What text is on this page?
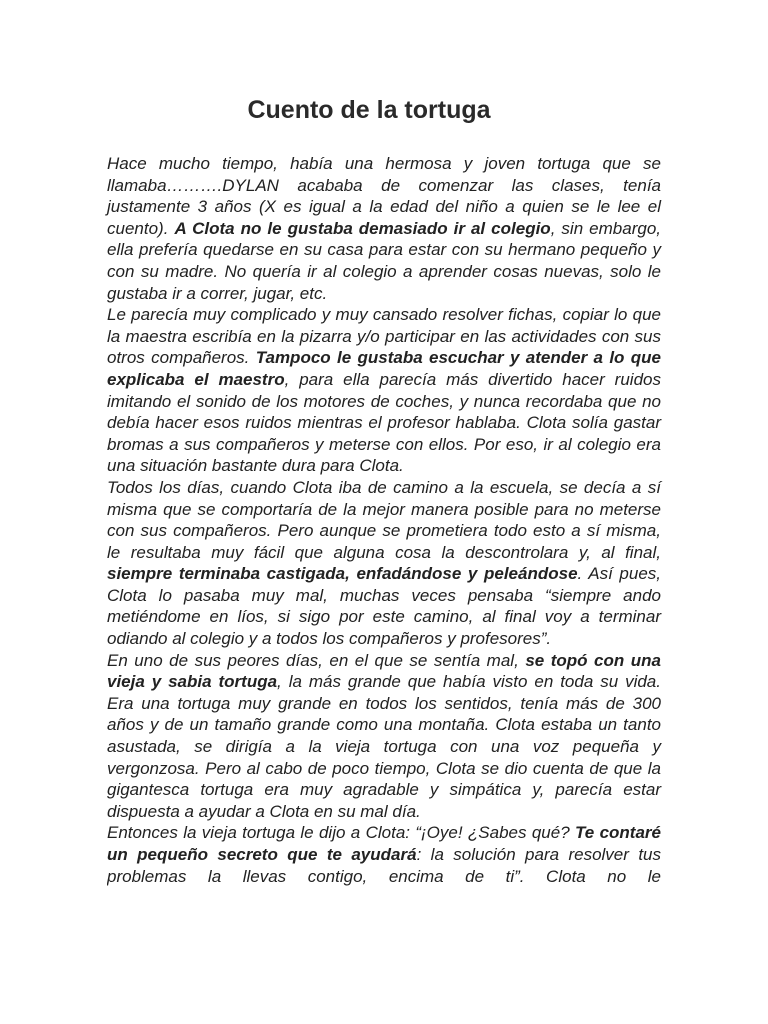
Cuento de la tortuga

Hace mucho tiempo, había una hermosa y joven tortuga que se llamaba……….DYLAN acababa de comenzar las clases, tenía justamente 3 años (X es igual a la edad del niño a quien se le lee el cuento). A Clota no le gustaba demasiado ir al colegio, sin embargo, ella prefería quedarse en su casa para estar con su hermano pequeño y con su madre. No quería ir al colegio a aprender cosas nuevas, solo le gustaba ir a correr, jugar, etc.

Le parecía muy complicado y muy cansado resolver fichas, copiar lo que la maestra escribía en la pizarra y/o participar en las actividades con sus otros compañeros. Tampoco le gustaba escuchar y atender a lo que explicaba el maestro, para ella parecía más divertido hacer ruidos imitando el sonido de los motores de coches, y nunca recordaba que no debía hacer esos ruidos mientras el profesor hablaba. Clota solía gastar bromas a sus compañeros y meterse con ellos. Por eso, ir al colegio era una situación bastante dura para Clota.

Todos los días, cuando Clota iba de camino a la escuela, se decía a sí misma que se comportaría de la mejor manera posible para no meterse con sus compañeros. Pero aunque se prometiera todo esto a sí misma, le resultaba muy fácil que alguna cosa la descontrolara y, al final, siempre terminaba castigada, enfadándose y peleándose. Así pues, Clota lo pasaba muy mal, muchas veces pensaba “siempre ando metiéndome en líos, si sigo por este camino, al final voy a terminar odiando al colegio y a todos los compañeros y profesores”.

En uno de sus peores días, en el que se sentía mal, se topó con una vieja y sabia tortuga, la más grande que había visto en toda su vida. Era una tortuga muy grande en todos los sentidos, tenía más de 300 años y de un tamaño grande como una montaña. Clota estaba un tanto asustada, se dirigía a la vieja tortuga con una voz pequeña y vergonzosa. Pero al cabo de poco tiempo, Clota se dio cuenta de que la gigantesca tortuga era muy agradable y simpática y, parecía estar dispuesta a ayudar a Clota en su mal día.

Entonces la vieja tortuga le dijo a Clota: “¡Oye! ¿Sabes qué? Te contaré un pequeño secreto que te ayudará: la solución para resolver tus problemas la llevas contigo, encima de ti”. Clota no le
